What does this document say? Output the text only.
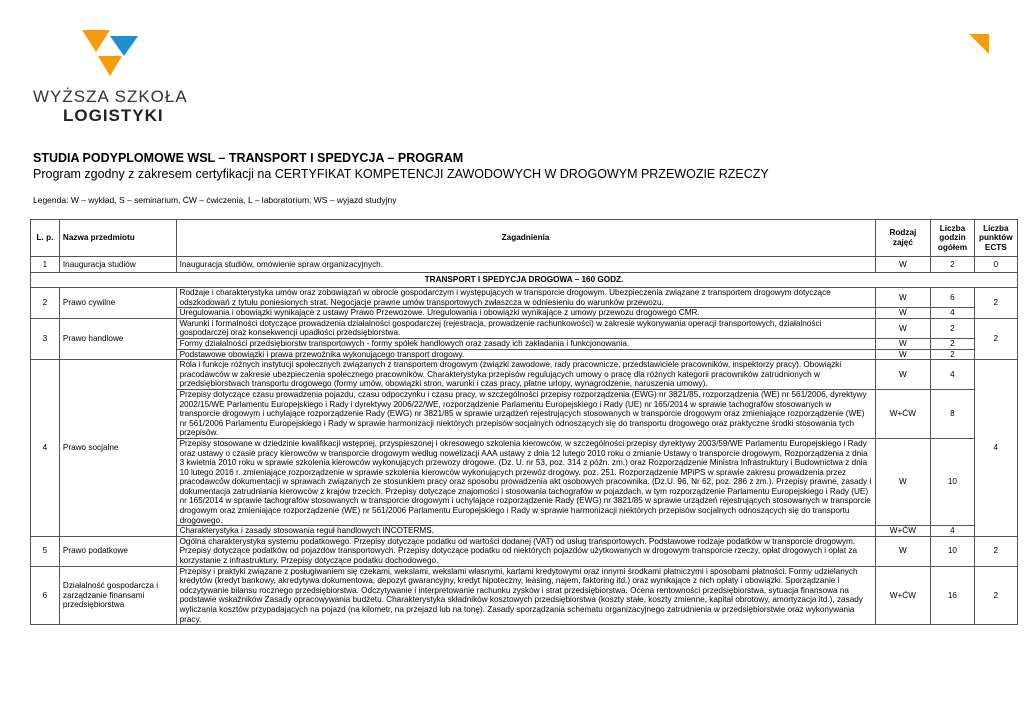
WYŻSZA SZKOŁA
LOGISTYKI
STUDIA PODYPLOMOWE WSL – TRANSPORT I SPEDYCJA – PROGRAM
Program zgodny z zakresem certyfikacji na CERTYFIKAT KOMPETENCJI ZAWODOWYCH W DROGOWYM PRZEWOZIE RZECZY
Legenda: W – wykład, S – seminarium, ĆW – ćwiczenia, L – laboratorium, WS – wyjazd studyjny
L. p.	Nazwa przedmiotu	Zagadnienia	Rodzaj zajęć	Liczba godzin ogółem	Liczba punktów ECTS
1	Inauguracja studiów	Inauguracja studiów, omówienie spraw organizacyjnych.	W	2	0
TRANSPORT I SPEDYCJA DROGOWA – 160 GODZ.					
2	Prawo cywilne	Rodzaje i charakterystyka umów oraz zobowiązań w obrocie gospodarczym i występujących w transporcie drogowym. Ubezpieczenia związane z transportem drogowym dotyczące odszkodowań z tytułu poniesionych strat. Negocjacje prawne umów transportowych zwłaszcza w odniesieniu do warunków przewozu.	W	6	2
		Uregulowania i obowiązki wynikające z ustawy Prawo Przewozowe. Uregulowania i obowiązki wynikające z umowy przewozu drogowego CMR.	W	4	
3	Prawo handlowe	Warunki i formalności dotyczące prowadzenia działalności gospodarczej (rejestracja, prowadzenie rachunkowości) w zakresie wykonywania operacji transportowych, działalności gospodarczej oraz konsekwencji upadłości przedsiębiorstwa.	W	2	2
		Formy działalności przedsiębiorstw transportowych - formy spółek handlowych oraz zasady ich zakładania i funkcjonowania.	W	2	
		Podstawowe obowiązki i prawa przewoźnika wykonującego transport drogowy.	W	2	
4	Prawo socjalne	Rola i funkcje różnych instytucji społecznych związanych z transportem drogowym (związki zawodowe, rady pracownicze, przedstawiciele pracowników, inspektorzy pracy). Obowiązki pracodawców w zakresie ubezpieczenia społecznego pracowników. Charakterystyka przepisów regulujących umowy o pracę dla różnych kategorii pracowników zatrudnionych w przedsiębiorstwach transportu drogowego (formy umów, obowiązki stron, warunki i czas pracy, płatne urlopy, wynagrodzenie, naruszenia umowy).	W	4	4
		Przepisy dotyczące czasu prowadzenia pojazdu, czasu odpoczynku i czasu pracy, w szczególności przepisy rozporządzenia (EWG) nr 3821/85, rozporządzenia (WE) nr 561/2006, dyrektywy 2002/15/WE Parlamentu Europejskiego i Rady i dyrektywy 2006/22/WE, rozporządzenie Parlamentu Europejskiego i Rady (UE) nr 165/2014 w sprawie tachografów stosowanych w transporcie drogowym i uchylające rozporządzenie Rady (EWG) nr 3821/85 w sprawie urządzeń rejestrujących stosowanych w transporcie drogowym oraz zmieniające rozporządzenie (WE) nr 561/2006 Parlamentu Europejskiego i Rady w sprawie harmonizacji niektórych przepisów socjalnych odnoszących się do transportu drogowego oraz praktyczne środki stosowania tych przepisów.	W+ĆW	8	
		Przepisy stosowane w dziedzinie kwalifikacji wstępnej, przyspieszonej i okresowego szkolenia kierowców, w szczególności przepisy dyrektywy 2003/59/WE Parlamentu Europejskiego i Rady oraz ustawy o czasie pracy kierowców w transporcie drogowym według nowelizacji AAA ustawy z dnia 12 lutego 2010 roku o zmianie Ustawy o transporcie drogowym, Rozporządzenia z dnia 3 kwietnia 2010 roku w sprawie szkolenia kierowców wykonujących przewozy drogowe. (Dz. U. nr 53, poz. 314 z późn. zm.) oraz Rozporządzenie Ministra Infrastruktury i Budownictwa z dnia 10 lutego 2016 r. zmieniające rozporządzenie w sprawie szkolenia kierowców wykonujących przewóz drogowy. poz. 251. Rozporządzenie MPiPS w sprawie zakresu prowadzenia przez pracodawców dokumentacji w sprawach związanych ze stosunkiem pracy oraz sposobu prowadzenia akt osobowych pracownika. (Dz.U. 96, Nr 62, poz. 286 z zm.). Przepisy prawne, zasady i dokumentacja zatrudniania kierowców z krajów trzecich. Przepisy dotyczące znajomości i stosowania tachografów w pojazdach, w tym rozporządzenie Parlamentu Europejskiego i Rady (UE) nr 165/2014 w sprawie tachografów stosowanych w transporcie drogowym i uchylające rozporządzenie Rady (EWG) nr 3821/85 w sprawie urządzeń rejestrujących stosowanych w transporcie drogowym oraz zmieniające rozporządzenie (WE) nr 561/2006 Parlamentu Europejskiego i Rady w sprawie harmonizacji niektórych przepisów socjalnych odnoszących się do transportu drogowego.	W	10	
		Charakterystyka i zasady stosowania reguł handlowych INCOTERMS.	W+ĆW	4	
5	Prawo podatkowe	Ogólna charakterystyka systemu podatkowego. Przepisy dotyczące podatku od wartości dodanej (VAT) od usług transportowych. Podstawowe rodzaje podatków w transporcie drogowym. Przepisy dotyczące podatków od pojazdów transportowych. Przepisy dotyczące podatku od niektórych pojazdów użytkowanych w drogowym transporcie rzeczy, opłat drogowych i opłat za korzystanie z infrastruktury. Przepisy dotyczące podatku dochodowego.	W	10	2
6	Działalność gospodarcza i zarządzanie finansami przedsiębiorstwa	Przepisy i praktyki związane z posługiwaniem się czekami, wekslami, wekslami własnymi, kartami kredytowymi oraz innymi środkami płatniczymi i sposobami płatności. Formy udzielanych kredytów (kredyt bankowy, akredytywa dokumentowa, depozyt gwarancyjny, kredyt hipoteczny, leasing, najem, faktoring itd.) oraz wynikające z nich opłaty i obowiązki. Sporządzanie i odczytywanie bilansu rocznego przedsiębiorstwa. Odczytywanie i interpretowanie rachunku zysków i strat przedsiębiorstwa. Ocena rentowności przedsiębiorstwa, sytuacja finansowa na podstawie wskaźników Zasady opracowywania budżetu. Charakterystyka składników kosztowych przedsiębiorstwa (koszty stałe, koszty zmienne, kapitał obrotowy, amortyzacja itd.), zasady wyliczania kosztów przypadających na pojazd (na kilometr, na przejazd lub na tonę). Zasady sporządzania schematu organizacyjnego zatrudnienia w przedsiębiorstwie oraz wykonywania pracy.	W+ĆW	16	2
